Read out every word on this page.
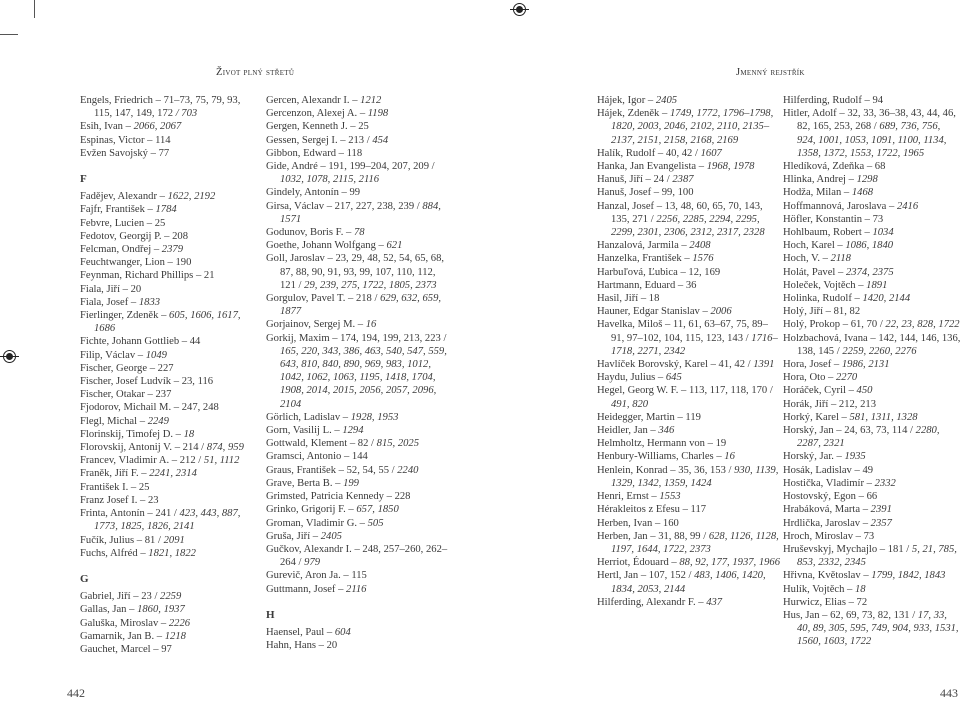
Život plný střetů

Engels, Friedrich – 71–73, 75, 79, 93, 115, 147, 149, 172 / 703

Esih, Ivan – 2066, 2067

Espinas, Victor – 114

Evžen Savojský – 77

F

Fadějev, Alexandr – 1622, 2192

Fajfr, František – 1784

Febvre, Lucien – 25

Fedotov, Georgij P. – 208

Felcman, Ondřej – 2379

Feuchtwanger, Lion – 190

Feynman, Richard Phillips – 21

Fiala, Jiří – 20

Fiala, Josef – 1833

Fierlinger, Zdeněk – 605, 1606, 1617, 1686

Fichte, Johann Gottlieb – 44

Filip, Václav – 1049

Fischer, George – 227

Fischer, Josef Ludvík – 23, 116

Fischer, Otakar – 237

Fjodorov, Michail M. – 247, 248

Flegl, Michal – 2249

Florinskij, Timofej D. – 18

Florovskij, Antonij V. – 214 / 874, 959

Francev, Vladimir A. – 212 / 51, 1112

Franěk, Jiří F. – 2241, 2314

František I. – 25

Franz Josef I. – 23

Frinta, Antonín – 241 / 423, 443, 887, 1773, 1825, 1826, 2141

Fučík, Julius – 81 / 2091

Fuchs, Alfréd – 1821, 1822

G

Gabriel, Jiří – 23 / 2259

Gallas, Jan – 1860, 1937

Galuška, Miroslav – 2226

Gamarnik, Jan B. – 1218

Gauchet, Marcel – 97

Gercen, Alexandr I. – 1212

Gercenzon, Alexej A. – 1198

Gergen, Kenneth J. – 25

Gessen, Sergej I. – 213 / 454

Gibbon, Edward – 118

Gide, André – 191, 199–204, 207, 209 / 1032, 1078, 2115, 2116

Gindely, Antonín – 99

Girsa, Václav – 217, 227, 238, 239 / 884, 1571

Godunov, Boris F. – 78

Goethe, Johann Wolfgang – 621

Goll, Jaroslav – 23, 29, 48, 52, 54, 65, 68, 87, 88, 90, 91, 93, 99, 107, 110, 112, 121 / 29, 239, 275, 1722, 1805, 2373

Gorgulov, Pavel T. – 218 / 629, 632, 659, 1877

Gorjainov, Sergej M. – 16

Gorkij, Maxim – 174, 194, 199, 213, 223 / 165, 220, 343, 386, 463, 540, 547, 559, 643, 810, 840, 890, 969, 983, 1012, 1042, 1062, 1063, 1195, 1418, 1704, 1908, 2014, 2015, 2056, 2057, 2096, 2104

Görlich, Ladislav – 1928, 1953

Gorn, Vasilij L. – 1294

Gottwald, Klement – 82 / 815, 2025

Gramsci, Antonio – 144

Graus, František – 52, 54, 55 / 2240

Grave, Berta B. – 199

Grimsted, Patricia Kennedy – 228

Grinko, Grigorij F. – 657, 1850

Groman, Vladimir G. – 505

Gruša, Jiří – 2405

Gučkov, Alexandr I. – 248, 257–260, 262–264 / 979

Gurevič, Aron Ja. – 115

Guttmann, Josef – 2116

H

Haensel, Paul – 604

Hahn, Hans – 20

442
Jmenný rejstřík

Hájek, Igor – 2405

Hájek, Zdeněk – 1749, 1772, 1796–1798, 1820, 2003, 2046, 2102, 2110, 2135–2137, 2151, 2158, 2168, 2169

Halík, Rudolf – 40, 42 / 1607

Hanka, Jan Evangelista – 1968, 1978

Hanuš, Jiří – 24 / 2387

Hanuš, Josef – 99, 100

Hanzal, Josef – 13, 48, 60, 65, 70, 143, 135, 271 / 2256, 2285, 2294, 2295, 2299, 2301, 2306, 2312, 2317, 2328

Hanzalová, Jarmila – 2408

Hanzelka, František – 1576

Harbuľová, Ľubica – 12, 169

Hartmann, Eduard – 36

Hasil, Jiří – 18

Hauner, Edgar Stanislav – 2006

Havelka, Miloš – 11, 61, 63–67, 75, 89–91, 97–102, 104, 115, 123, 143 / 1716–1718, 2271, 2342

Havlíček Borovský, Karel – 41, 42 / 1391

Haydu, Julius – 645

Hegel, Georg W. F. – 113, 117, 118, 170 / 491, 820

Heidegger, Martin – 119

Heidler, Jan – 346

Helmholtz, Hermann von – 19

Henbury-Williams, Charles – 16

Henlein, Konrad – 35, 36, 153 / 930, 1139, 1329, 1342, 1359, 1424

Henri, Ernst – 1553

Hérakleitos z Efesu – 117

Herben, Ivan – 160

Herben, Jan – 31, 88, 99 / 628, 1126, 1128, 1197, 1644, 1722, 2373

Herriot, Édouard – 88, 92, 177, 1937, 1966

Hertl, Jan – 107, 152 / 483, 1406, 1420, 1834, 2053, 2144

Hilferding, Alexandr F. – 437

Hilferding, Rudolf – 94

Hitler, Adolf – 32, 33, 36–38, 43, 44, 46, 82, 165, 253, 268 / 689, 736, 756, 924, 1001, 1053, 1091, 1100, 1134, 1358, 1372, 1553, 1722, 1965

Hledíková, Zdeňka – 68

Hlinka, Andrej – 1298

Hodža, Milan – 1468

Hoffmannová, Jaroslava – 2416

Höfler, Konstantin – 73

Hohlbaum, Robert – 1034

Hoch, Karel – 1086, 1840

Hoch, V. – 2118

Holát, Pavel – 2374, 2375

Holeček, Vojtěch – 1891

Holinka, Rudolf – 1420, 2144

Holý, Jiří – 81, 82

Holý, Prokop – 61, 70 / 22, 23, 828, 1722

Holzbachová, Ivana – 142, 144, 146, 136, 138, 145 / 2259, 2260, 2276

Hora, Josef – 1986, 2131

Hora, Oto – 2270

Horáček, Cyril – 450

Horák, Jiří – 212, 213

Horký, Karel – 581, 1311, 1328

Horský, Jan – 24, 63, 73, 114 / 2280, 2287, 2321

Horský, Jar. – 1935

Hosák, Ladislav – 49

Hostička, Vladimír – 2332

Hostovský, Egon – 66

Hrabáková, Marta – 2391

Hrdlička, Jaroslav – 2357

Hroch, Miroslav – 73

Hruševskyj, Mychajlo – 181 / 5, 21, 785, 853, 2332, 2345

Hřivna, Květoslav – 1799, 1842, 1843

Hulík, Vojtěch – 18

Hurwicz, Elias – 72

Hus, Jan – 62, 69, 73, 82, 131 / 17, 33, 40, 89, 305, 595, 749, 904, 933, 1531, 1560, 1603, 1722

443
